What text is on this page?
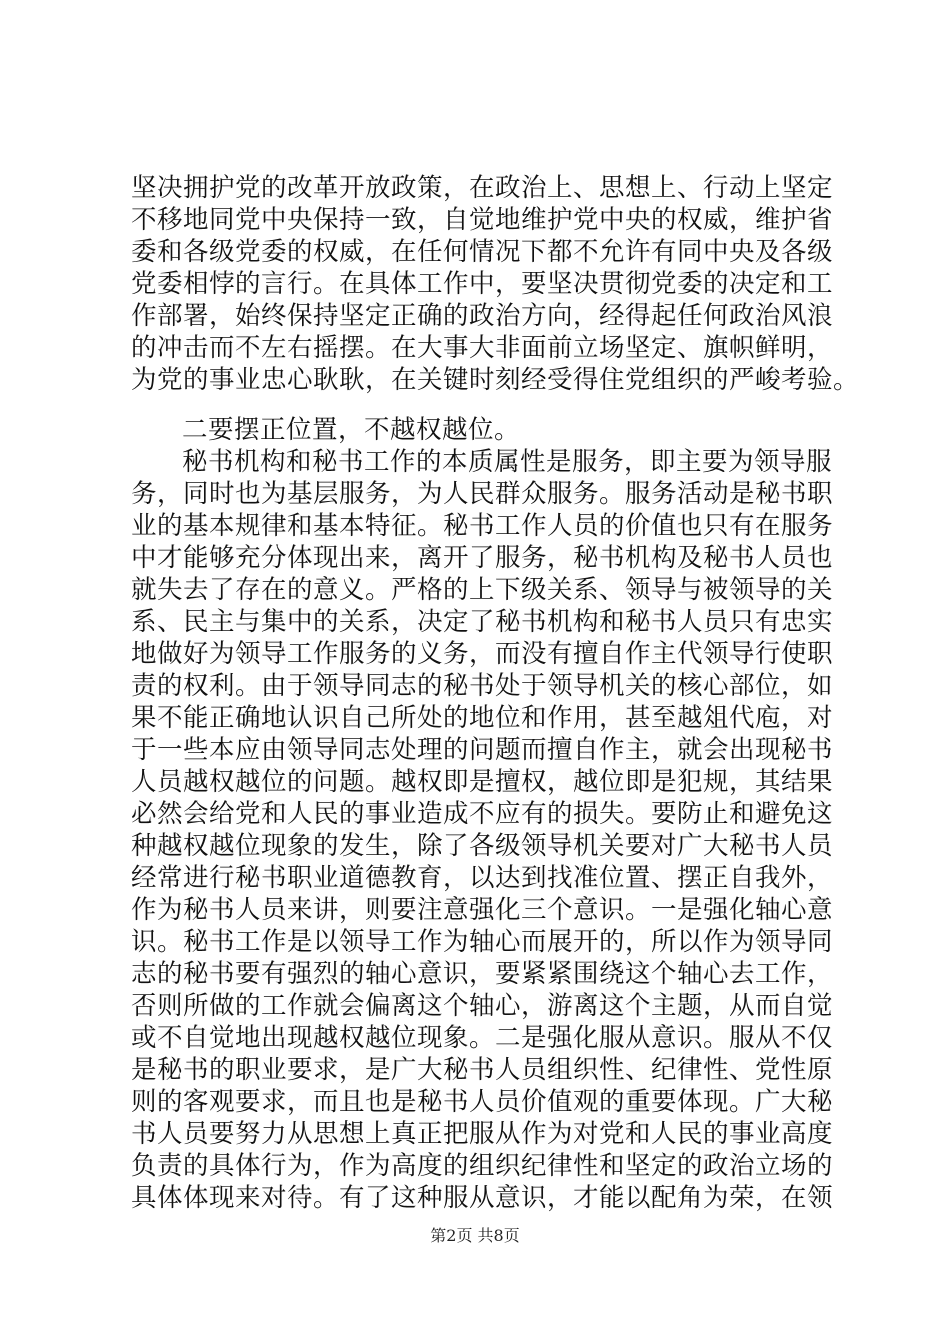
坚决拥护党的改革开放政策，在政治上、思想上、行动上坚定
不移地同党中央保持一致，自觉地维护党中央的权威，维护省
委和各级党委的权威，在任何情况下都不允许有同中央及各级
党委相悖的言行。在具体工作中，要坚决贯彻党委的决定和工
作部署，始终保持坚定正确的政治方向，经得起任何政治风浪
的冲击而不左右摇摆。在大事大非面前立场坚定、旗帜鲜明，
为党的事业忠心耿耿，在关键时刻经受得住党组织的严峻考验。
二要摆正位置，不越权越位。
秘书机构和秘书工作的本质属性是服务，即主要为领导服
务，同时也为基层服务，为人民群众服务。服务活动是秘书职
业的基本规律和基本特征。秘书工作人员的价值也只有在服务
中才能够充分体现出来，离开了服务，秘书机构及秘书人员也
就失去了存在的意义。严格的上下级关系、领导与被领导的关
系、民主与集中的关系，决定了秘书机构和秘书人员只有忠实
地做好为领导工作服务的义务，而没有擅自作主代领导行使职
责的权利。由于领导同志的秘书处于领导机关的核心部位，如
果不能正确地认识自己所处的地位和作用，甚至越俎代庖，对
于一些本应由领导同志处理的问题而擅自作主，就会出现秘书
人员越权越位的问题。越权即是擅权，越位即是犯规，其结果
必然会给党和人民的事业造成不应有的损失。要防止和避免这
种越权越位现象的发生，除了各级领导机关要对广大秘书人员
经常进行秘书职业道德教育，以达到找准位置、摆正自我外，
作为秘书人员来讲，则要注意强化三个意识。一是强化轴心意
识。秘书工作是以领导工作为轴心而展开的，所以作为领导同
志的秘书要有强烈的轴心意识，要紧紧围绕这个轴心去工作，
否则所做的工作就会偏离这个轴心，游离这个主题，从而自觉
或不自觉地出现越权越位现象。二是强化服从意识。服从不仅
是秘书的职业要求，是广大秘书人员组织性、纪律性、党性原
则的客观要求，而且也是秘书人员价值观的重要体现。广大秘
书人员要努力从思想上真正把服从作为对党和人民的事业高度
负责的具体行为，作为高度的组织纪律性和坚定的政治立场的
具体体现来对待。有了这种服从意识，才能以配角为荣，在领
第2页 共8页
